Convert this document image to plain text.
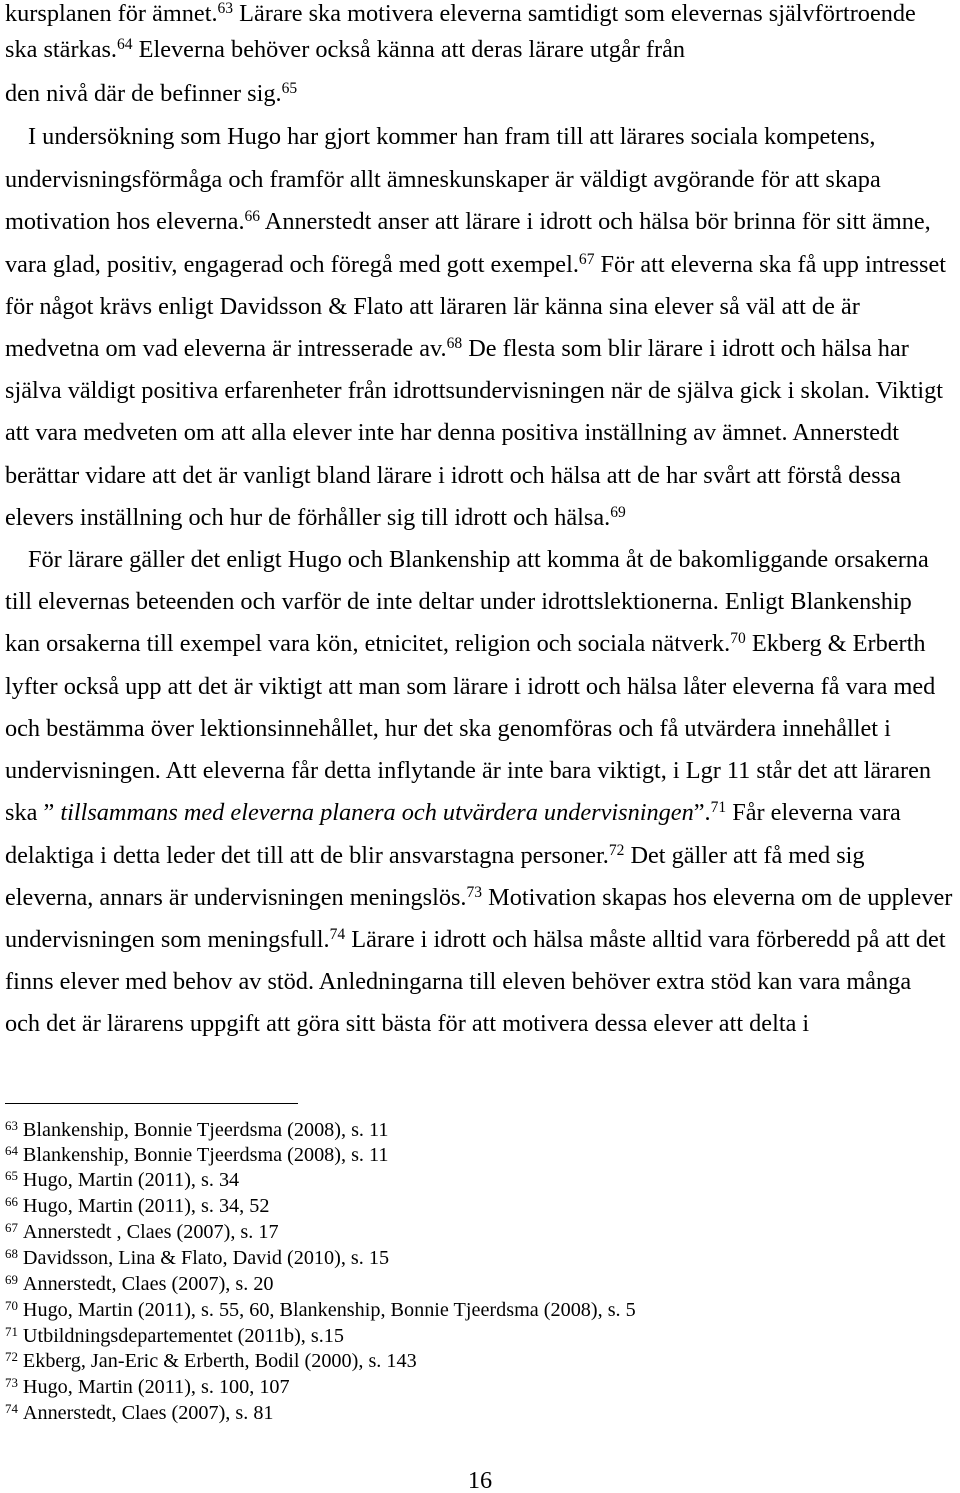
kursplanen för ämnet.$^{63}$ Lärare ska motivera eleverna samtidigt som elevernas självförtroende
ska stärkas.$^{64}$ Eleverna behöver också känna att deras lärare utgår från
den nivå där de befinner sig.$^{65}$
I undersökning som Hugo har gjort kommer han fram till att lärares sociala kompetens,
undervisningsförmåga och framför allt ämneskunskaper är väldigt avgörande för att skapa
motivation hos eleverna.$^{66}$ Annerstedt anser att lärare i idrott och hälsa bör brinna för sitt ämne,
vara glad, positiv, engagerad och föregå med gott exempel.$^{67}$ För att eleverna ska få upp intresset
för något krävs enligt Davidsson & Flato att läraren lär känna sina elever så väl att de är
medvetna om vad eleverna är intresserade av.$^{68}$ De flesta som blir lärare i idrott och hälsa har
själva väldigt positiva erfarenheter från idrottsundervisningen när de själva gick i skolan. Viktigt
att vara medveten om att alla elever inte har denna positiva inställning av ämnet. Annerstedt
berättar vidare att det är vanligt bland lärare i idrott och hälsa att de har svårt att förstå dessa
elevers inställning och hur de förhåller sig till idrott och hälsa.$^{69}$
För lärare gäller det enligt Hugo och Blankenship att komma åt de bakomliggande orsakerna
till elevernas beteenden och varför de inte deltar under idrottslektionerna. Enligt Blankenship
kan orsakerna till exempel vara kön, etnicitet, religion och sociala nätverk.$^{70}$ Ekberg & Erberth
lyfter också upp att det är viktigt att man som lärare i idrott och hälsa låter eleverna få vara med
och bestämma över lektionsinnehållet, hur det ska genomföras och få utvärdera innehållet i
undervisningen. Att eleverna får detta inflytande är inte bara viktigt, i Lgr 11 står det att läraren
ska ” tillsammans med eleverna planera och utvärdera undervisningen”.$^{71}$ Får eleverna vara
delaktiga i detta leder det till att de blir ansvarstagna personer.$^{72}$ Det gäller att få med sig
eleverna, annars är undervisningen meningslös.$^{73}$ Motivation skapas hos eleverna om de upplever
undervisningen som meningsfull.$^{74}$ Lärare i idrott och hälsa måste alltid vara förberedd på att det
finns elever med behov av stöd. Anledningarna till eleven behöver extra stöd kan vara många
och det är lärarens uppgift att göra sitt bästa för att motivera dessa elever att delta i
$^{63}$ Blankenship, Bonnie Tjeerdsma (2008), s. 11
$^{64}$ Blankenship, Bonnie Tjeerdsma (2008), s. 11
$^{65}$ Hugo, Martin (2011), s. 34
$^{66}$ Hugo, Martin (2011), s. 34, 52
$^{67}$ Annerstedt , Claes (2007), s. 17
$^{68}$ Davidsson, Lina & Flato, David (2010), s. 15
$^{69}$ Annerstedt, Claes (2007), s. 20
$^{70}$ Hugo, Martin (2011), s. 55, 60, Blankenship, Bonnie Tjeerdsma (2008), s. 5
$^{71}$ Utbildningsdepartementet (2011b), s.15
$^{72}$ Ekberg, Jan-Eric & Erberth, Bodil (2000), s. 143
$^{73}$ Hugo, Martin (2011), s. 100, 107
$^{74}$ Annerstedt, Claes (2007), s. 81
16
